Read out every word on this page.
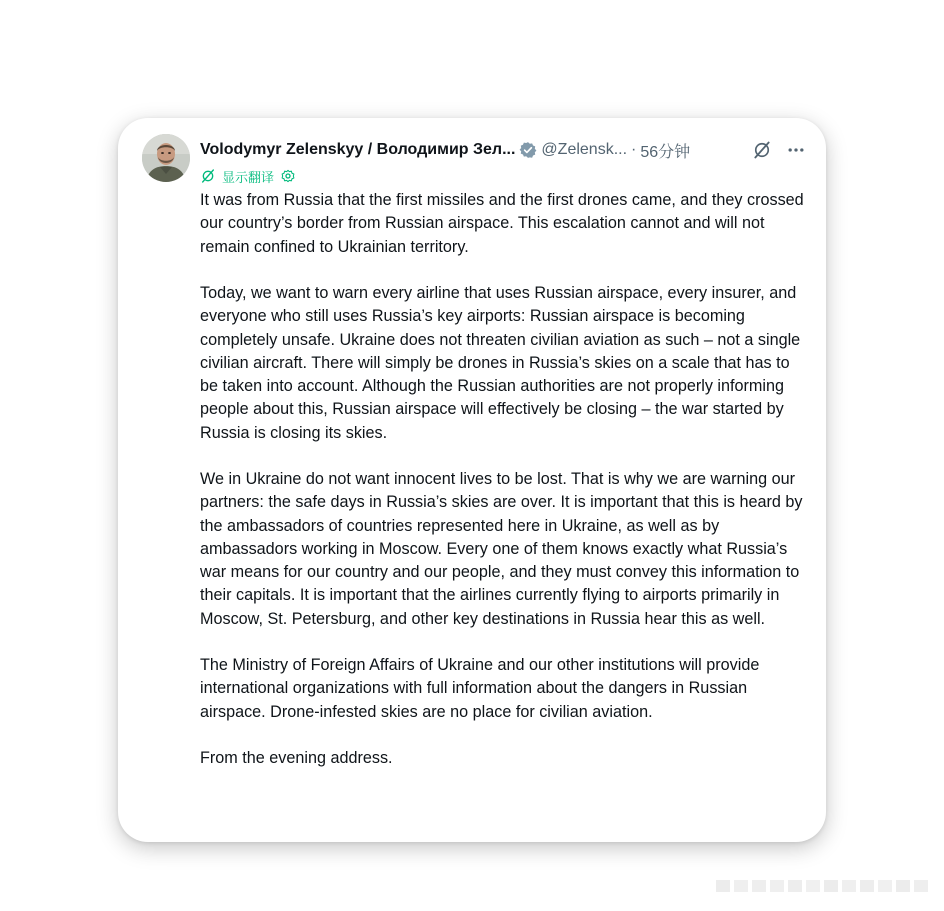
Volodymyr Zelenskyy / Володимир Зел... @Zelensk... · 56分钟
显示翻译

It was from Russia that the first missiles and the first drones came, and they crossed our country’s border from Russian airspace. This escalation cannot and will not remain confined to Ukrainian territory.

Today, we want to warn every airline that uses Russian airspace, every insurer, and everyone who still uses Russia’s key airports: Russian airspace is becoming completely unsafe. Ukraine does not threaten civilian aviation as such – not a single civilian aircraft. There will simply be drones in Russia’s skies on a scale that has to be taken into account. Although the Russian authorities are not properly informing people about this, Russian airspace will effectively be closing – the war started by Russia is closing its skies.

We in Ukraine do not want innocent lives to be lost. That is why we are warning our partners: the safe days in Russia’s skies are over. It is important that this is heard by the ambassadors of countries represented here in Ukraine, as well as by ambassadors working in Moscow. Every one of them knows exactly what Russia’s war means for our country and our people, and they must convey this information to their capitals. It is important that the airlines currently flying to airports primarily in Moscow, St. Petersburg, and other key destinations in Russia hear this as well.

The Ministry of Foreign Affairs of Ukraine and our other institutions will provide international organizations with full information about the dangers in Russian airspace. Drone-infested skies are no place for civilian aviation.

From the evening address.
